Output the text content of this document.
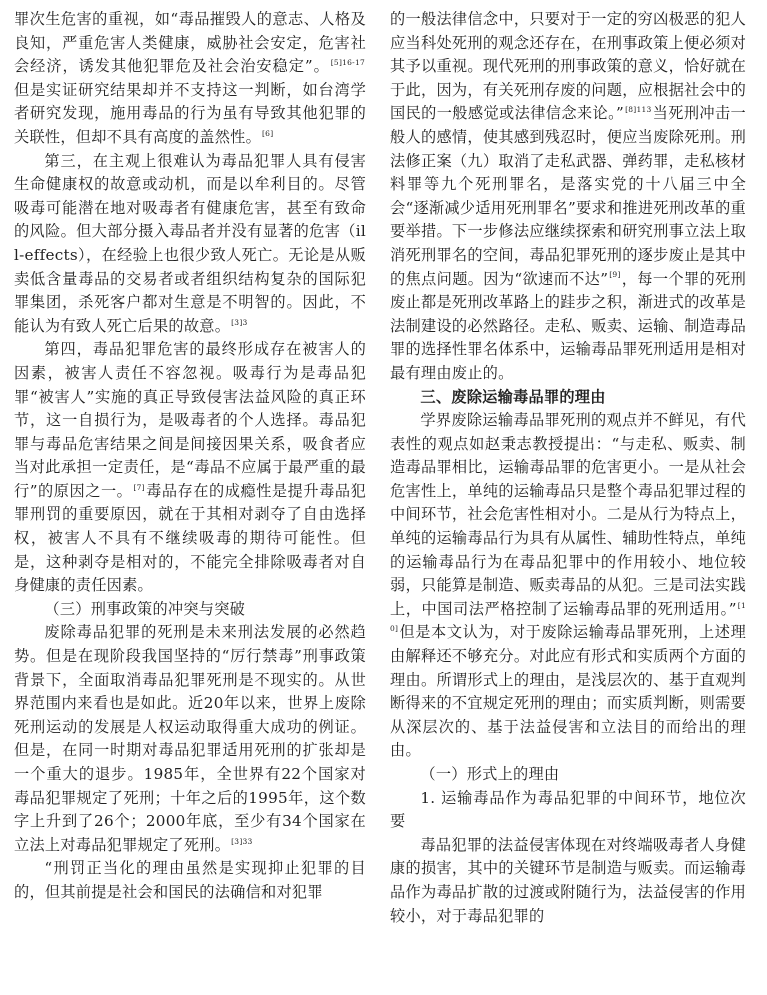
罪次生危害的重视，如“毒品摧毁人的意志、人格及良知，严重危害人类健康，威胁社会安定，危害社会经济，诱发其他犯罪危及社会治安稳定”。$^{[5]16-17}$但是实证研究结果却并不支持这一判断，如台湾学者研究发现，施用毒品的行为虽有导致其他犯罪的关联性，但却不具有高度的盖然性。[6]

第三，在主观上很难认为毒品犯罪人具有侵害生命健康权的故意或动机，而是以牟利目的。尽管吸毒可能潜在地对吸毒者有健康危害，甚至有致命的风险。但大部分摄入毒品者并没有显著的危害（ill-effects），在经验上也很少致人死亡。无论是从贩卖低含量毒品的交易者或者组织结构复杂的国际犯罪集团，杀死客户都对生意是不明智的。因此，不能认为有致人死亡后果的故意。$^{[3]3}$

第四，毒品犯罪危害的最终形成存在被害人的因素，被害人责任不容忽视。吸毒行为是毒品犯罪“被害人”实施的真正导致侵害法益风险的真正环节，这一自损行为，是吸毒者的个人选择。毒品犯罪与毒品危害结果之间是间接因果关系，吸食者应当对此承担一定责任，是“毒品不应属于最严重的最行”的原因之一。[7]毒品存在的成瘾性是提升毒品犯罪刑罚的重要原因，就在于其相对剥夺了自由选择权，被害人不具有不继续吸毒的期待可能性。但是，这种剥夺是相对的，不能完全排除吸毒者对自身健康的责任因素。

（三）刑事政策的冲突与突破

废除毒品犯罪的死刑是未来刑法发展的必然趋势。但是在现阶段我国坚持的“厉行禁毒”刑事政策背景下，全面取消毒品犯罪死刑是不现实的。从世界范围内来看也是如此。近20年以来，世界上废除死刑运动的发展是人权运动取得重大成功的例证。但是，在同一时期对毒品犯罪适用死刑的扩张却是一个重大的退步。1985年，全世界有22个国家对毒品犯罪规定了死刑；十年之后的1995年，这个数字上升到了26个；2000年底，至少有34个国家在立法上对毒品犯罪规定了死刑。$^{[3]33}$

“刑罚正当化的理由虽然是实现抑止犯罪的目的，但其前提是社会和国民的法确信和对犯罪

的一般法律信念中，只要对于一定的穷凶极恶的犯人应当科处死刑的观念还存在，在刑事政策上便必须对其予以重视。现代死刑的刑事政策的意义，恰好就在于此，因为，有关死刑存废的问题，应根据社会中的国民的一般感觉或法律信念来论。”$^{[8]113}$当死刑冲击一般人的感情，使其感到残忍时，便应当废除死刑。刑法修正案（九）取消了走私武器、弹药罪，走私核材料罪等九个死刑罪名，是落实党的十八届三中全会“逐渐减少适用死刑罪名”要求和推进死刑改革的重要举措。下一步修法应继续探索和研究刑事立法上取消死刑罪名的空间，毒品犯罪死刑的逐步废止是其中的焦点问题。因为“欲速而不达”[9]，每一个罪的死刑废止都是死刑改革路上的跬步之积，渐进式的改革是法制建设的必然路径。走私、贩卖、运输、制造毒品罪的选择性罪名体系中，运输毒品罪死刑适用是相对最有理由废止的。

三、废除运输毒品罪的理由

学界废除运输毒品罪死刑的观点并不鲜见，有代表性的观点如赵秉志教授提出：“与走私、贩卖、制造毒品罪相比，运输毒品罪的危害更小。一是从社会危害性上，单纯的运输毒品只是整个毒品犯罪过程的中间环节，社会危害性相对小。二是从行为特点上，单纯的运输毒品行为具有从属性、辅助性特点，单纯的运输毒品行为在毒品犯罪中的作用较小、地位较弱，只能算是制造、贩卖毒品的从犯。三是司法实践上，中国司法严格控制了运输毒品罪的死刑适用。”[10]但是本文认为，对于废除运输毒品罪死刑，上述理由解释还不够充分。对此应有形式和实质两个方面的理由。所谓形式上的理由，是浅层次的、基于直观判断得来的不宜规定死刑的理由；而实质判断，则需要从深层次的、基于法益侵害和立法目的而给出的理由。

（一）形式上的理由

1. 运输毒品作为毒品犯罪的中间环节，地位次要

毒品犯罪的法益侵害体现在对终端吸毒者人身健康的损害，其中的关键环节是制造与贩卖。而运输毒品作为毒品扩散的过渡或附随行为，法益侵害的作用较小，对于毒品犯罪的
